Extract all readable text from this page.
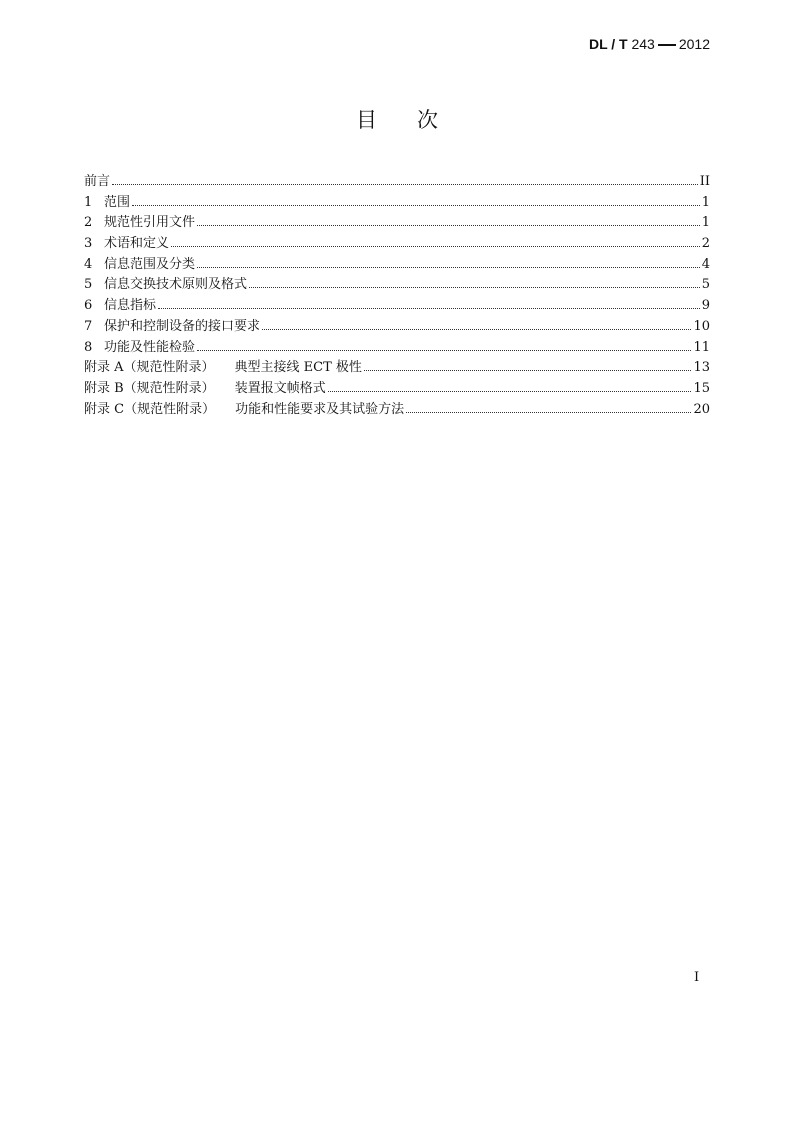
DL / T 243 2012
目次
前言	II
1 范围	1
2 规范性引用文件	1
3 术语和定义	2
4 信息范围及分类	4
5 信息交换技术原则及格式	5
6 信息指标	9
7 保护和控制设备的接口要求	10
8 功能及性能检验	11
附录 A（规范性附录） 典型主接线 ECT 极性	13
附录 B（规范性附录） 装置报文帧格式	15
附录 C（规范性附录） 功能和性能要求及其试验方法	20
I
